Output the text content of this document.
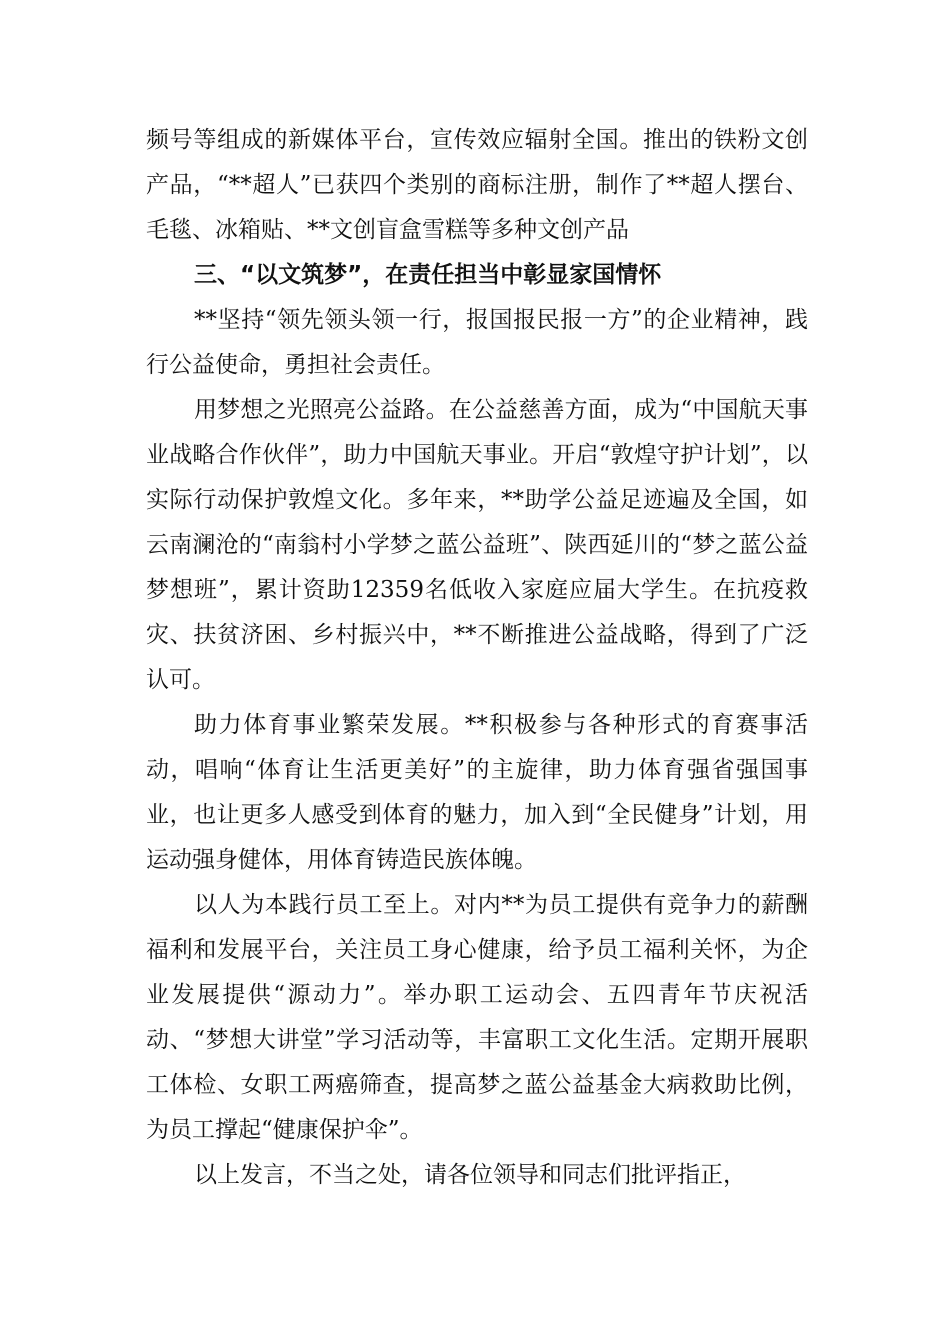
频号等组成的新媒体平台，宣传效应辐射全国。推出的铁粉文创产品，“**超人”已获四个类别的商标注册，制作了**超人摆台、毛毯、冰箱贴、**文创盲盒雪糕等多种文创产品

三、“以文筑梦”，在责任担当中彰显家国情怀

**坚持“领先领头领一行，报国报民报一方”的企业精神，践行公益使命，勇担社会责任。

用梦想之光照亮公益路。在公益慈善方面，成为“中国航天事业战略合作伙伴”，助力中国航天事业。开启“敦煌守护计划”，以实际行动保护敦煌文化。多年来，**助学公益足迹遍及全国，如云南澜沧的“南翁村小学梦之蓝公益班”、陕西延川的“梦之蓝公益梦想班”，累计资助12359名低收入家庭应届大学生。在抗疫救灾、扶贫济困、乡村振兴中，**不断推进公益战略，得到了广泛认可。

助力体育事业繁荣发展。**积极参与各种形式的育赛事活动，唱响“体育让生活更美好”的主旋律，助力体育强省强国事业，也让更多人感受到体育的魅力，加入到“全民健身”计划，用运动强身健体，用体育铸造民族体魄。

以人为本践行员工至上。对内**为员工提供有竞争力的薪酬福利和发展平台，关注员工身心健康，给予员工福利关怀，为企业发展提供“源动力”。举办职工运动会、五四青年节庆祝活动、“梦想大讲堂”学习活动等，丰富职工文化生活。定期开展职工体检、女职工两癌筛查，提高梦之蓝公益基金大病救助比例，为员工撑起“健康保护伞”。

以上发言，不当之处，请各位领导和同志们批评指正，
